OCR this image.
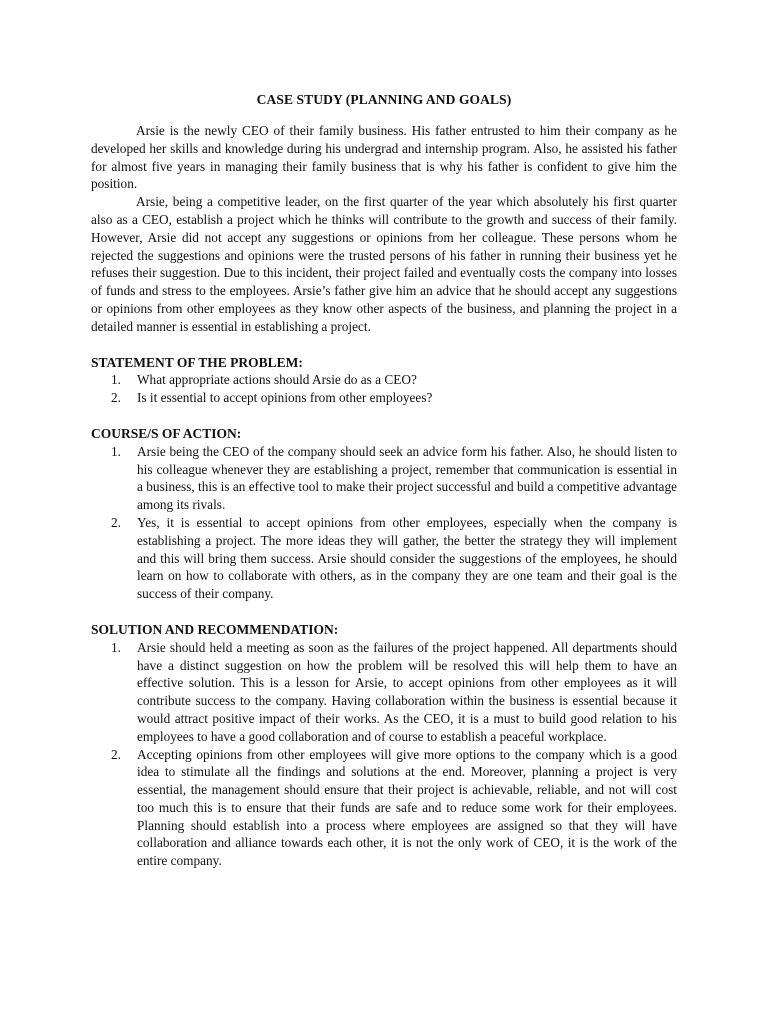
CASE STUDY (PLANNING AND GOALS)

Arsie is the newly CEO of their family business. His father entrusted to him their company as he developed her skills and knowledge during his undergrad and internship program. Also, he assisted his father for almost five years in managing their family business that is why his father is confident to give him the position.

Arsie, being a competitive leader, on the first quarter of the year which absolutely his first quarter also as a CEO, establish a project which he thinks will contribute to the growth and success of their family. However, Arsie did not accept any suggestions or opinions from her colleague. These persons whom he rejected the suggestions and opinions were the trusted persons of his father in running their business yet he refuses their suggestion. Due to this incident, their project failed and eventually costs the company into losses of funds and stress to the employees. Arsie’s father give him an advice that he should accept any suggestions or opinions from other employees as they know other aspects of the business, and planning the project in a detailed manner is essential in establishing a project.

STATEMENT OF THE PROBLEM:
1. What appropriate actions should Arsie do as a CEO?
2. Is it essential to accept opinions from other employees?
COURSE/S OF ACTION:
1. Arsie being the CEO of the company should seek an advice form his father. Also, he should listen to his colleague whenever they are establishing a project, remember that communication is essential in a business, this is an effective tool to make their project successful and build a competitive advantage among its rivals.
2. Yes, it is essential to accept opinions from other employees, especially when the company is establishing a project. The more ideas they will gather, the better the strategy they will implement and this will bring them success. Arsie should consider the suggestions of the employees, he should learn on how to collaborate with others, as in the company they are one team and their goal is the success of their company.
SOLUTION AND RECOMMENDATION:
1. Arsie should held a meeting as soon as the failures of the project happened. All departments should have a distinct suggestion on how the problem will be resolved this will help them to have an effective solution. This is a lesson for Arsie, to accept opinions from other employees as it will contribute success to the company. Having collaboration within the business is essential because it would attract positive impact of their works. As the CEO, it is a must to build good relation to his employees to have a good collaboration and of course to establish a peaceful workplace.
2. Accepting opinions from other employees will give more options to the company which is a good idea to stimulate all the findings and solutions at the end. Moreover, planning a project is very essential, the management should ensure that their project is achievable, reliable, and not will cost too much this is to ensure that their funds are safe and to reduce some work for their employees. Planning should establish into a process where employees are assigned so that they will have collaboration and alliance towards each other, it is not the only work of CEO, it is the work of the entire company.
